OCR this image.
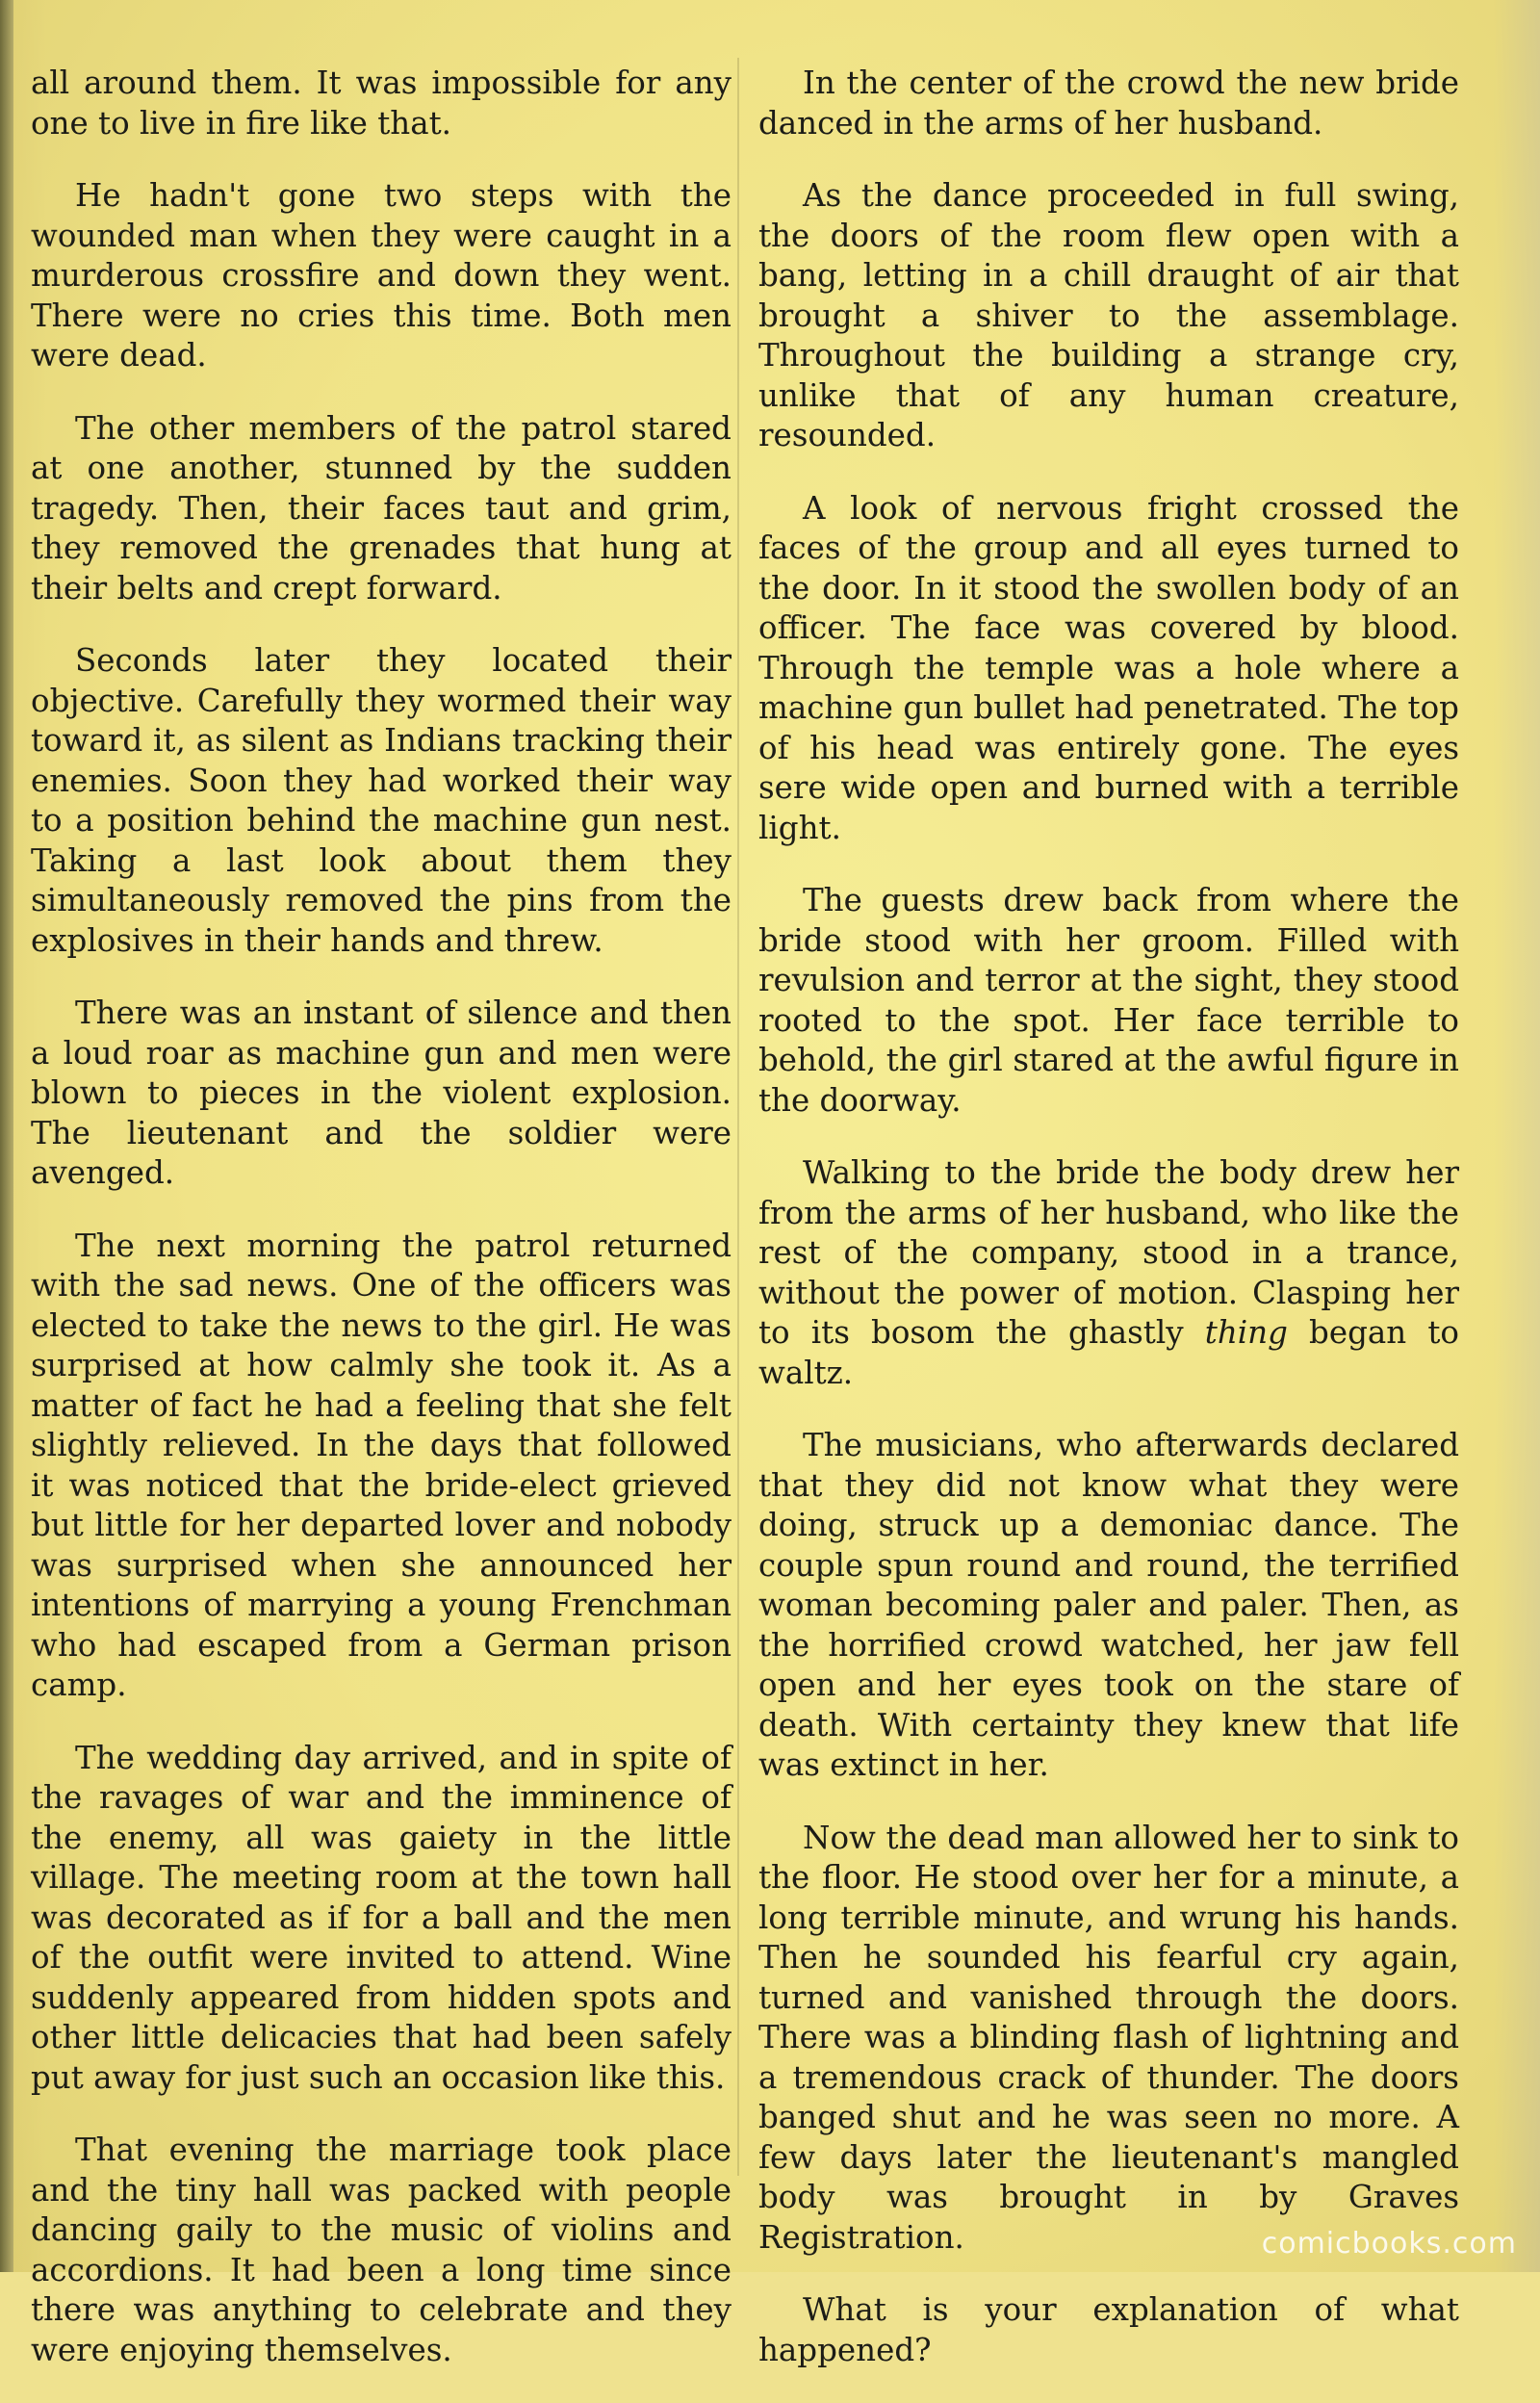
all around them. It was impossible for any one to live in fire like that.

He hadn't gone two steps with the wounded man when they were caught in a murderous crossfire and down they went. There were no cries this time. Both men were dead.

The other members of the patrol stared at one another, stunned by the sudden tragedy. Then, their faces taut and grim, they removed the grenades that hung at their belts and crept forward.

Seconds later they located their objective. Carefully they wormed their way toward it, as silent as Indians tracking their enemies. Soon they had worked their way to a position behind the machine gun nest. Taking a last look about them they simultaneously removed the pins from the explosives in their hands and threw.

There was an instant of silence and then a loud roar as machine gun and men were blown to pieces in the violent explosion. The lieutenant and the soldier were avenged.

The next morning the patrol returned with the sad news. One of the officers was elected to take the news to the girl. He was surprised at how calmly she took it. As a matter of fact he had a feeling that she felt slightly relieved. In the days that followed it was noticed that the bride-elect grieved but little for her departed lover and nobody was surprised when she announced her intentions of marrying a young Frenchman who had escaped from a German prison camp.

The wedding day arrived, and in spite of the ravages of war and the imminence of the enemy, all was gaiety in the little village. The meeting room at the town hall was decorated as if for a ball and the men of the outfit were invited to attend. Wine suddenly appeared from hidden spots and other little delicacies that had been safely put away for just such an occasion like this.

That evening the marriage took place and the tiny hall was packed with people dancing gaily to the music of violins and accordions. It had been a long time since there was anything to celebrate and they were enjoying themselves.

In the center of the crowd the new bride danced in the arms of her husband.

As the dance proceeded in full swing, the doors of the room flew open with a bang, letting in a chill draught of air that brought a shiver to the assemblage. Throughout the building a strange cry, unlike that of any human creature, resounded.

A look of nervous fright crossed the faces of the group and all eyes turned to the door. In it stood the swollen body of an officer. The face was covered by blood. Through the temple was a hole where a machine gun bullet had penetrated. The top of his head was entirely gone. The eyes sere wide open and burned with a terrible light.

The guests drew back from where the bride stood with her groom. Filled with revulsion and terror at the sight, they stood rooted to the spot. Her face terrible to behold, the girl stared at the awful figure in the doorway.

Walking to the bride the body drew her from the arms of her husband, who like the rest of the company, stood in a trance, without the power of motion. Clasping her to its bosom the ghastly thing began to waltz.

The musicians, who afterwards declared that they did not know what they were doing, struck up a demoniac dance. The couple spun round and round, the terrified woman becoming paler and paler. Then, as the horrified crowd watched, her jaw fell open and her eyes took on the stare of death. With certainty they knew that life was extinct in her.

Now the dead man allowed her to sink to the floor. He stood over her for a minute, a long terrible minute, and wrung his hands. Then he sounded his fearful cry again, turned and vanished through the doors. There was a blinding flash of lightning and a tremendous crack of thunder. The doors banged shut and he was seen no more. A few days later the lieutenant's mangled body was brought in by Graves Registration.

What is your explanation of what happened?

comicbooks.com
